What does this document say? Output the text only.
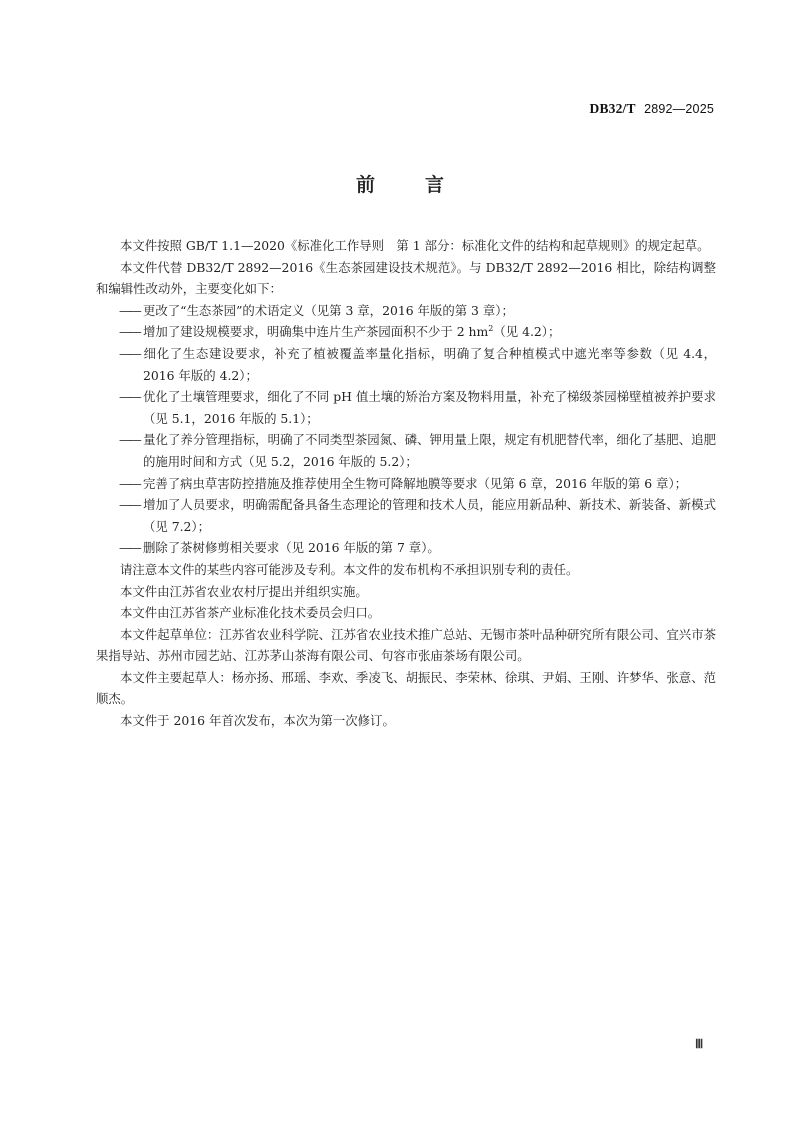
DB32/T 2892—2025
前言

本文件按照 GB/T 1.1—2020《标准化工作导则　第 1 部分：标准化文件的结构和起草规则》的规定起草。

本文件代替 DB32/T 2892—2016《生态茶园建设技术规范》。与 DB32/T 2892—2016 相比，除结构调整和编辑性改动外，主要变化如下：

—— 更改了“生态茶园”的术语定义（见第 3 章，2016 年版的第 3 章）；

—— 增加了建设规模要求，明确集中连片生产茶园面积不少于 2 $hm^2$（见 4.2）；

—— 细化了生态建设要求，补充了植被覆盖率量化指标，明确了复合种植模式中遮光率等参数（见 4.4，2016 年版的 4.2）；

—— 优化了土壤管理要求，细化了不同 pH 值土壤的矫治方案及物料用量，补充了梯级茶园梯壁植被养护要求（见 5.1，2016 年版的 5.1）；

—— 量化了养分管理指标，明确了不同类型茶园氮、磷、钾用量上限，规定有机肥替代率，细化了基肥、追肥的施用时间和方式（见 5.2，2016 年版的 5.2）；

—— 完善了病虫草害防控措施及推荐使用全生物可降解地膜等要求（见第 6 章，2016 年版的第 6 章）；

—— 增加了人员要求，明确需配备具备生态理论的管理和技术人员，能应用新品种、新技术、新装备、新模式（见 7.2）；

—— 删除了茶树修剪相关要求（见 2016 年版的第 7 章）。

请注意本文件的某些内容可能涉及专利。本文件的发布机构不承担识别专利的责任。

本文件由江苏省农业农村厅提出并组织实施。

本文件由江苏省茶产业标准化技术委员会归口。

本文件起草单位：江苏省农业科学院、江苏省农业技术推广总站、无锡市茶叶品种研究所有限公司、宜兴市茶果指导站、苏州市园艺站、江苏茅山茶海有限公司、句容市张庙茶场有限公司。

本文件主要起草人：杨亦扬、邢瑶、李欢、季凌飞、胡振民、李荣林、徐琪、尹娟、王刚、许梦华、张意、范顺杰。

本文件于 2016 年首次发布，本次为第一次修订。

Ⅲ
